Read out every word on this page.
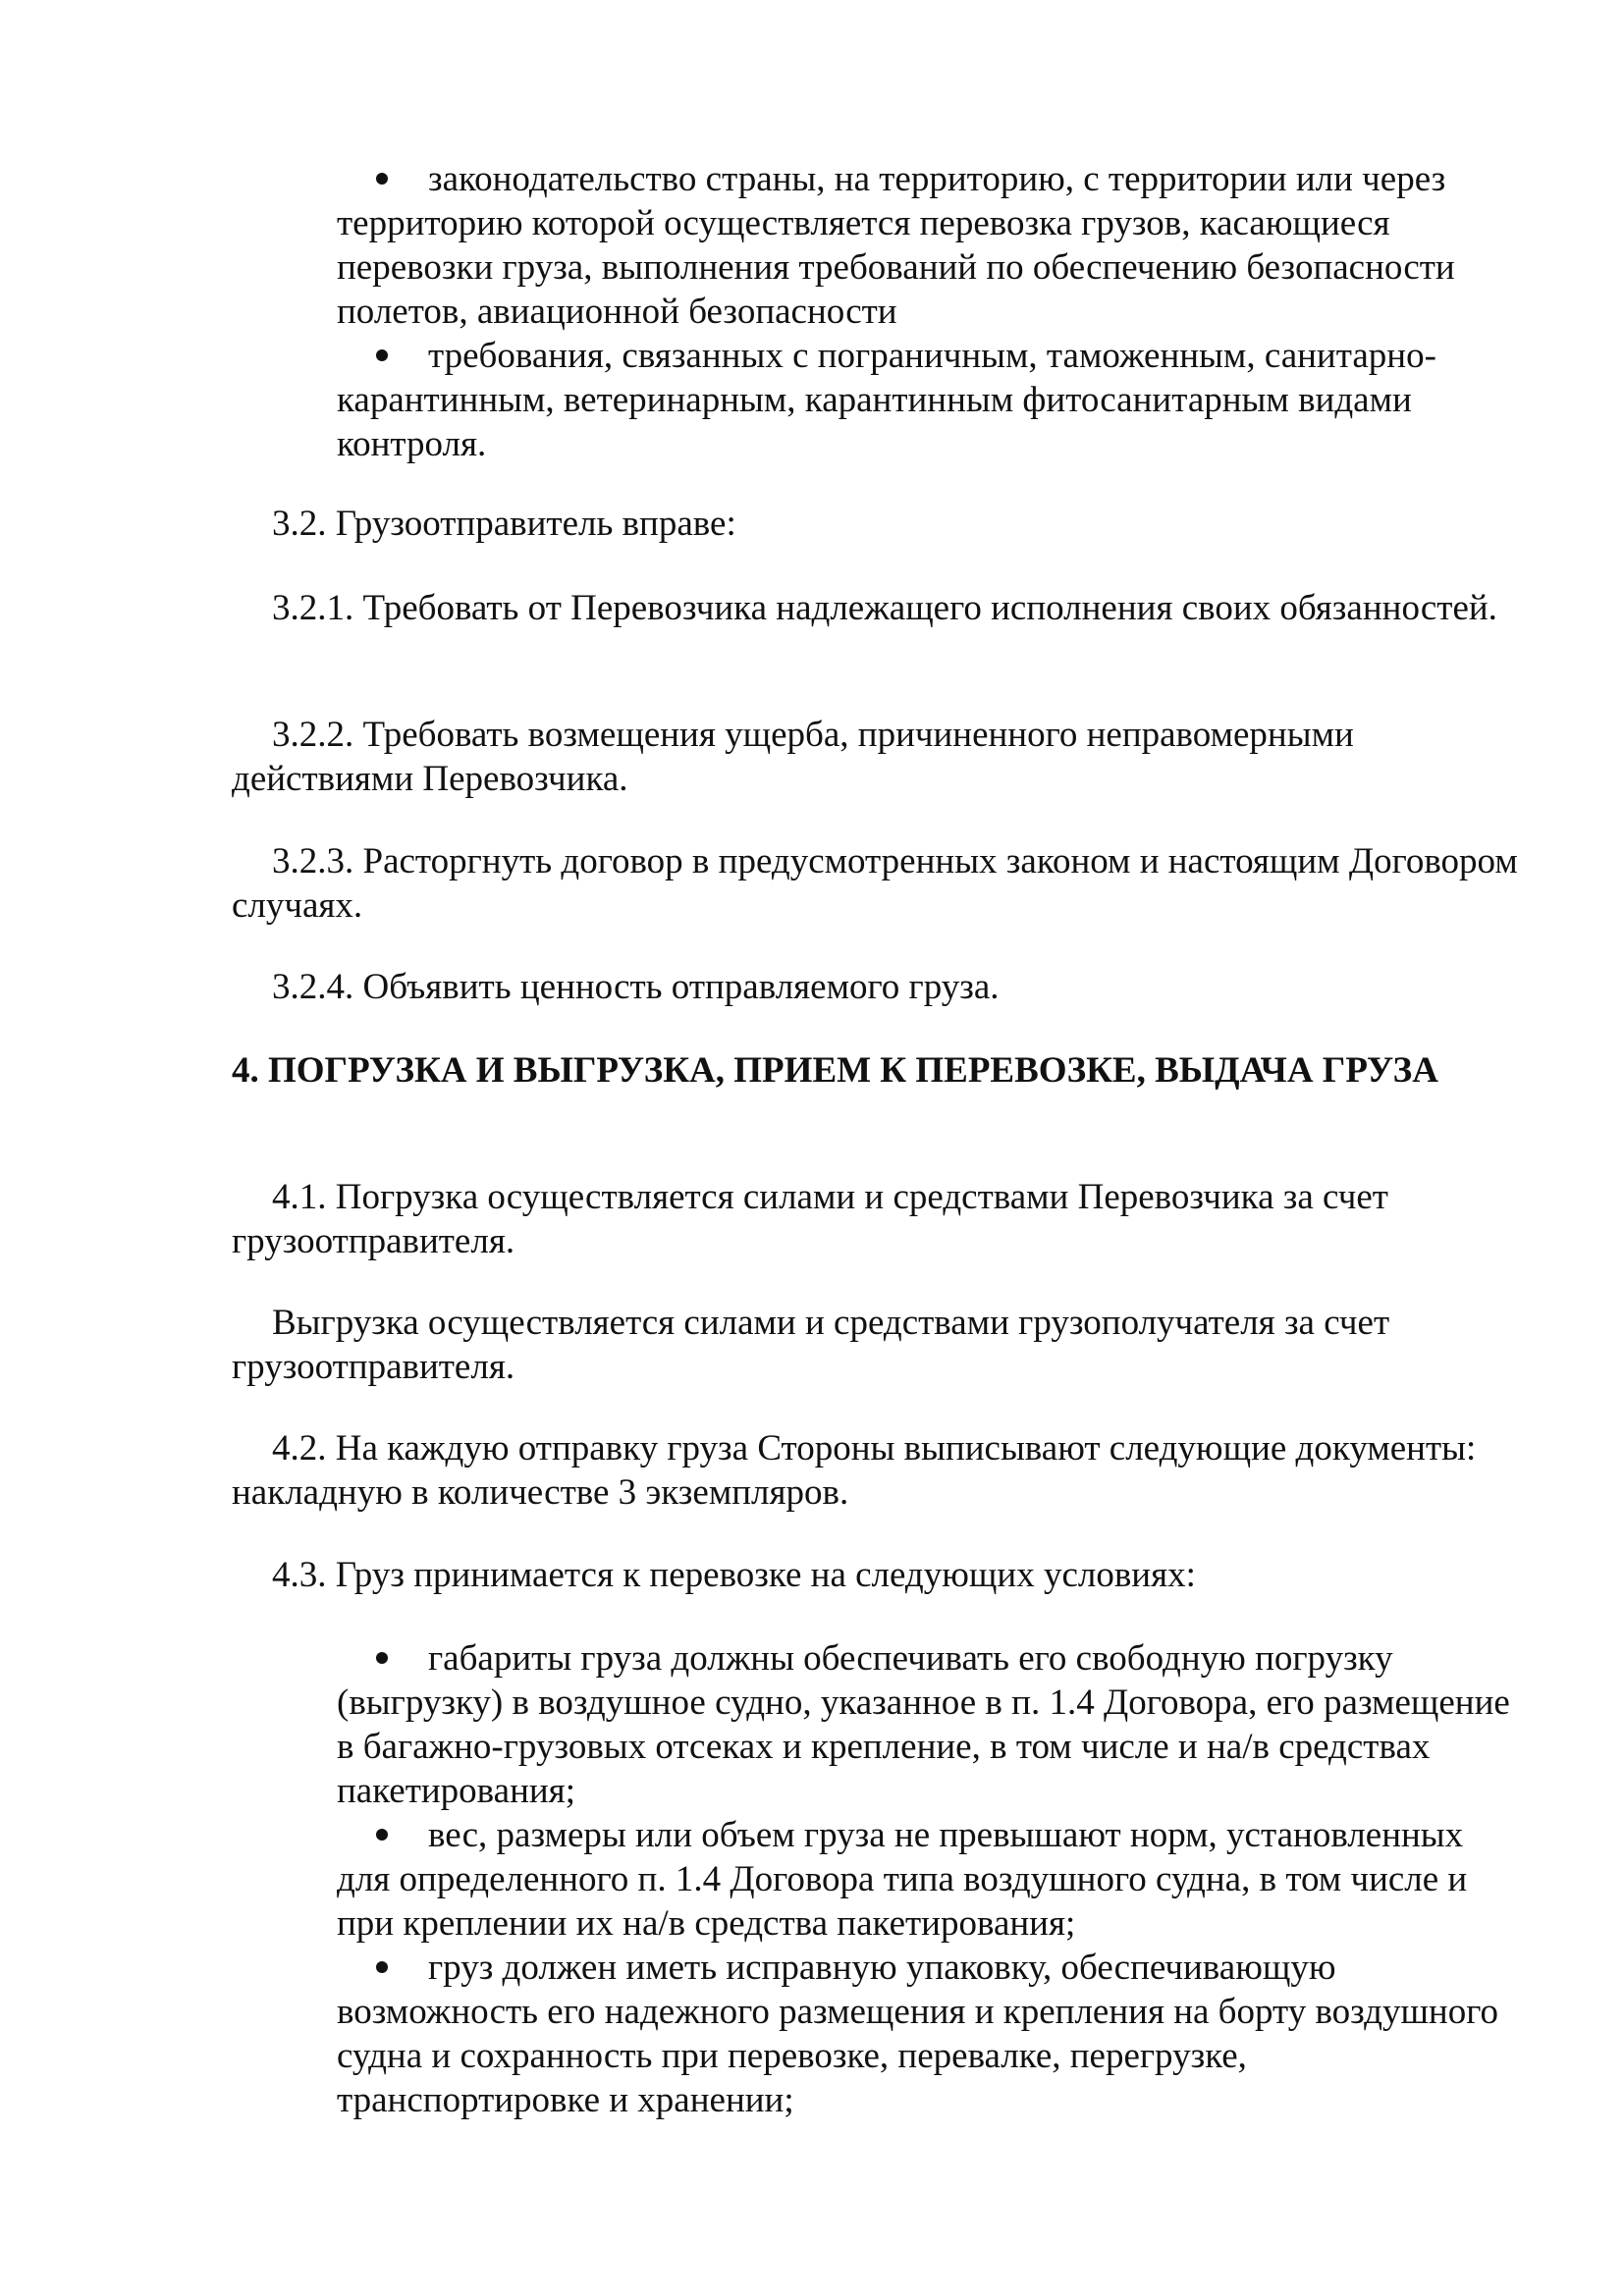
законодательство страны, на территорию, с территории или через территорию которой осуществляется перевозка грузов, касающиеся перевозки груза, выполнения требований по обеспечению безопасности полетов, авиационной безопасности
требования, связанных с пограничным, таможенным, санитарно-карантинным, ветеринарным, карантинным фитосанитарным видами контроля.

3.2. Грузоотправитель вправе:

3.2.1. Требовать от Перевозчика надлежащего исполнения своих обязанностей.

3.2.2. Требовать возмещения ущерба, причиненного неправомерными действиями Перевозчика.

3.2.3. Расторгнуть договор в предусмотренных законом и настоящим Договором случаях.

3.2.4. Объявить ценность отправляемого груза.

4. ПОГРУЗКА И ВЫГРУЗКА, ПРИЕМ К ПЕРЕВОЗКЕ, ВЫДАЧА ГРУЗА

4.1. Погрузка осуществляется силами и средствами Перевозчика за счет грузоотправителя.

Выгрузка осуществляется силами и средствами грузополучателя за счет грузоотправителя.

4.2. На каждую отправку груза Стороны выписывают следующие документы: накладную в количестве 3 экземпляров.

4.3. Груз принимается к перевозке на следующих условиях:

габариты груза должны обеспечивать его свободную погрузку (выгрузку) в воздушное судно, указанное в п. 1.4 Договора, его размещение в багажно-грузовых отсеках и крепление, в том числе и на/в средствах пакетирования;
вес, размеры или объем груза не превышают норм, установленных для определенного п. 1.4 Договора типа воздушного судна, в том числе и при креплении их на/в средства пакетирования;
груз должен иметь исправную упаковку, обеспечивающую возможность его надежного размещения и крепления на борту воздушного судна и сохранность при перевозке, перевалке, перегрузке, транспортировке и хранении;
